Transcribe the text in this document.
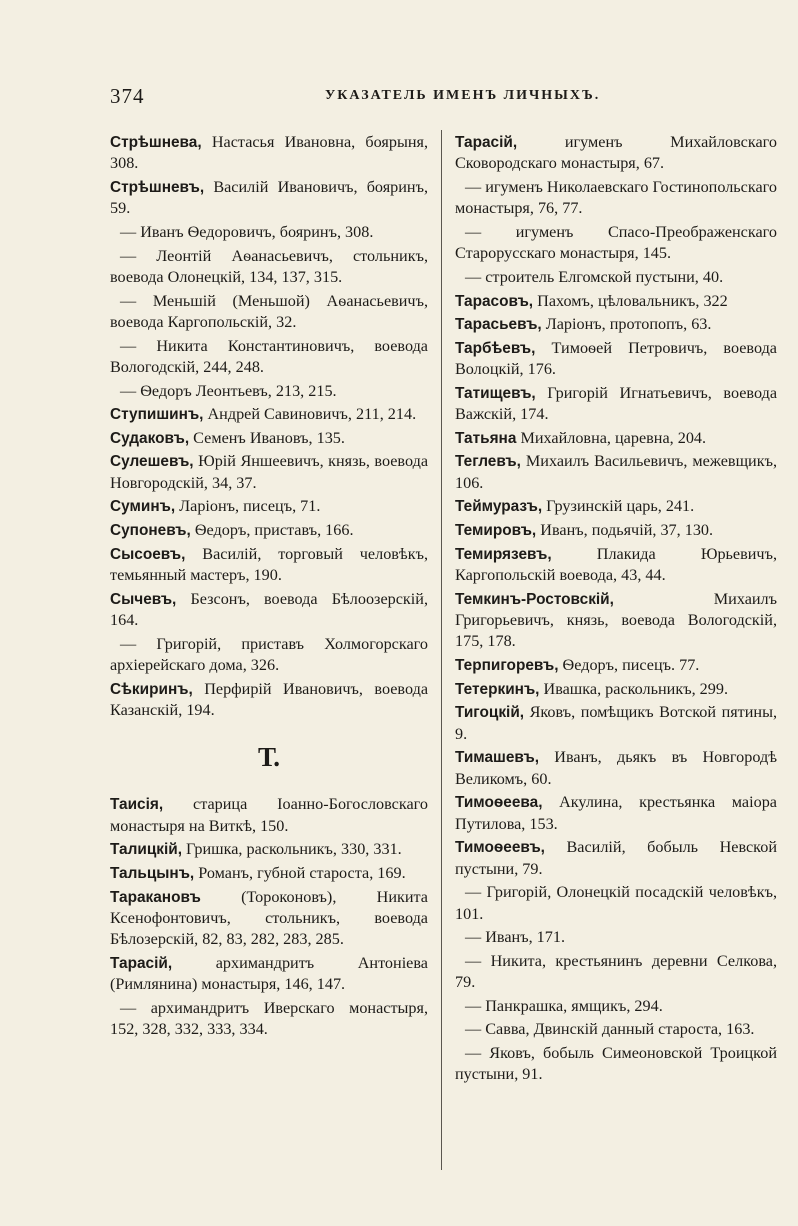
374	УКАЗАТЕЛЬ ИМЕНЪ ЛИЧНЫХЪ.
Стрѣшнева, Настасья Ивановна, боярыня, 308.
Стрѣшневъ, Василій Ивановичъ, бояринъ, 59.
— Иванъ Ѳедоровичъ, бояринъ, 308.
— Леонтій Аѳанасьевичъ, стольникъ, воевода Олонецкій, 134, 137, 315.
— Меньшій (Меньшой) Аѳанасьевичъ, воевода Каргопольскій, 32.
— Никита Константиновичъ, воевода Вологодскій, 244, 248.
— Ѳедоръ Леонтьевъ, 213, 215.
Ступишинъ, Андрей Савиновичъ, 211, 214.
Судаковъ, Семенъ Ивановъ, 135.
Сулешевъ, Юрій Яншеевичъ, князь, воевода Новгородскій, 34, 37.
Суминъ, Ларіонъ, писецъ, 71.
Супоневъ, Ѳедоръ, приставъ, 166.
Сысоевъ, Василій, торговый человѣкъ, темьянный мастеръ, 190.
Сычевъ, Безсонъ, воевода Бѣлоозерскій, 164.
— Григорій, приставъ Холмогорскаго архіерейскаго дома, 326.
Сѣкиринъ, Перфирій Ивановичъ, воевода Казанскій, 194.
Т.
Таисія, старица Іоанно-Богословскаго монастыря на Виткѣ, 150.
Талицкій, Гришка, раскольникъ, 330, 331.
Тальцынъ, Романъ, губной староста, 169.
Таракановъ (Тороконовъ), Никита Ксенофонтовичъ, стольникъ, воевода Бѣлозерскій, 82, 83, 282, 283, 285.
Тарасій, архимандритъ Антоніева (Римлянина) монастыря, 146, 147.
— архимандритъ Иверскаго монастыря, 152, 328, 332, 333, 334.
Тарасій, игуменъ Михайловскаго Сковородскаго монастыря, 67.
— игуменъ Николаевскаго Гостинопольскаго монастыря, 76, 77.
— игуменъ Спасо-Преображенскаго Старорусскаго монастыря, 145.
— строитель Елгомской пустыни, 40.
Тарасовъ, Пахомъ, цѣловальникъ, 322
Тарасьевъ, Ларіонъ, протопопъ, 63.
Тарбѣевъ, Тимоѳей Петровичъ, воевода Волоцкій, 176.
Татищевъ, Григорій Игнатьевичъ, воевода Важскій, 174.
Татьяна Михайловна, царевна, 204.
Теглевъ, Михаилъ Васильевичъ, межевщикъ, 106.
Теймуразъ, Грузинскій царь, 241.
Темировъ, Иванъ, подьячій, 37, 130.
Темирязевъ, Плакида Юрьевичъ, Каргопольскій воевода, 43, 44.
Темкинъ-Ростовскій, Михаилъ Григорьевичъ, князь, воевода Вологодскій, 175, 178.
Терпигоревъ, Ѳедоръ, писецъ. 77.
Тетеркинъ, Ивашка, раскольникъ, 299.
Тигоцкій, Яковъ, помѣщикъ Вотской пятины, 9.
Тимашевъ, Иванъ, дьякъ въ Новгородѣ Великомъ, 60.
Тимоѳеева, Акулина, крестьянка маіора Путилова, 153.
Тимоѳеевъ, Василій, бобыль Невской пустыни, 79.
— Григорій, Олонецкій посадскій человѣкъ, 101.
— Иванъ, 171.
— Никита, крестьянинъ деревни Селкова, 79.
— Панкрашка, ямщикъ, 294.
— Савва, Двинскій данный староста, 163.
— Яковъ, бобыль Симеоновской Троицкой пустыни, 91.
